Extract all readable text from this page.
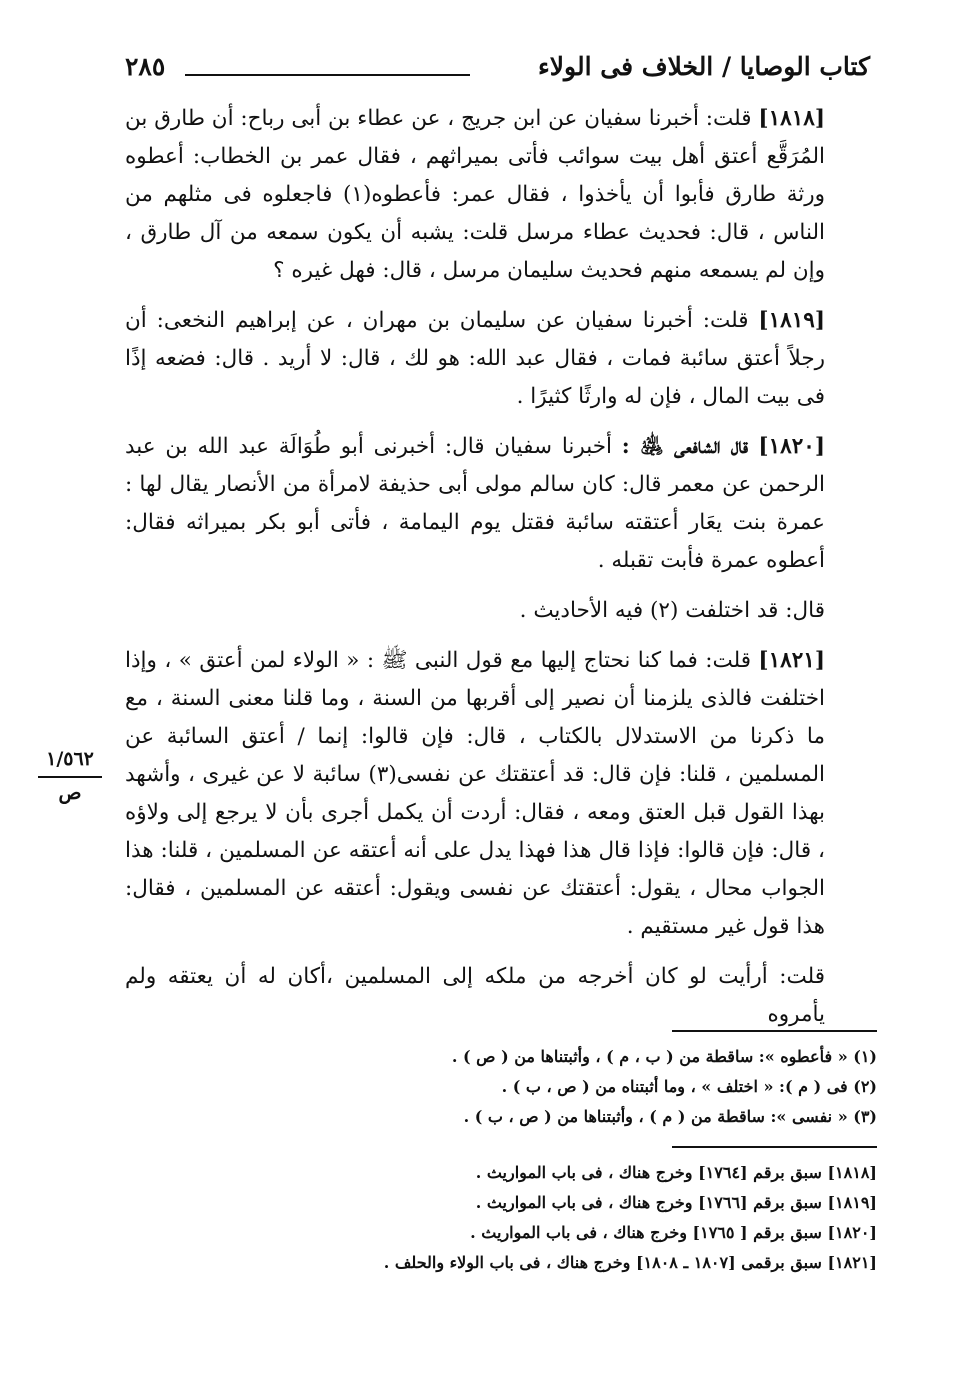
كتاب الوصايا / الخلاف فى الولاء
٢٨٥

[١٨١٨] قلت: أخبرنا سفيان عن ابن جريج ، عن عطاء بن أبى رباح: أن طارق بن المُرَقَّع أعتق أهل بيت سوائب فأتى بميراثهم ، فقال عمر بن الخطاب: أعطوه ورثة طارق فأبوا أن يأخذوا ، فقال عمر: فأعطوه(١) فاجعلوه فى مثلهم من الناس ، قال: فحديث عطاء مرسل قلت: يشبه أن يكون سمعه من آل طارق ، وإن لم يسمعه منهم فحديث سليمان مرسل ، قال: فهل غيره ؟

[١٨١٩] قلت: أخبرنا سفيان عن سليمان بن مهران ، عن إبراهيم النخعى: أن رجلاً أعتق سائبة فمات ، فقال عبد الله: هو لك ، قال: لا أريد . قال: فضعه إذًا فى بيت المال ، فإن له وارثًا كثيرًا .

[١٨٢٠] قال الشافعى ﵁ : أخبرنا سفيان قال: أخبرنى أبو طُوَالَة عبد الله بن عبد الرحمن عن معمر قال: كان سالم مولى أبى حذيفة لامرأة من الأنصار يقال لها : عمرة بنت يعَار أعتقته سائبة فقتل يوم اليمامة ، فأتى أبو بكر بميراثه فقال: أعطوه عمرة فأبت تقبله .

قال: قد اختلفت (٢) فيه الأحاديث .

[١٨٢١] قلت: فما كنا نحتاج إليها مع قول النبى ﷺ : « الولاء لمن أعتق » ، وإذا اختلفت فالذى يلزمنا أن نصير إلى أقربها من السنة ، وما قلنا معنى السنة ، مع ما ذكرنا من الاستدلال بالكتاب ، قال: فإن قالوا: إنما / أعتق السائبة عن المسلمين ، قلنا: فإن قال: قد أعتقتك عن نفسى(٣) سائبة لا عن غيرى ، وأشهد بهذا القول قبل العتق ومعه ، فقال: أردت أن يكمل أجرى بأن لا يرجع إلى ولاؤه ، قال: فإن قالوا: فإذا قال هذا فهذا يدل على أنه أعتقه عن المسلمين ، قلنا: هذا الجواب محال ، يقول: أعتقتك عن نفسى ويقول: أعتقه عن المسلمين ، فقال: هذا قول غير مستقيم .

قلت: أرأيت لو كان أخرجه من ملكه إلى المسلمين ،أكان له أن يعتقه ولم يأمروه

١/٥٦٢
ص
(١) « فأعطوه »: ساقطة من ( ب ، م ) ، وأثبتناها من ( ص ) .
(٢) فى ( م ): « اختلف » ، وما أثبتناه من ( ص ، ب ) .
(٣) « نفسى »: ساقطة من ( م ) ، وأثبتناها من ( ص ، ب ) .
[١٨١٨] سبق برقم [١٧٦٤] وخرج هناك ، فى باب المواريث .
[١٨١٩] سبق برقم [١٧٦٦] وخرج هناك ، فى باب المواريث .
[١٨٢٠] سبق برقم [ ١٧٦٥] وخرج هناك ، فى باب المواريث .
[١٨٢١] سبق برقمى [١٨٠٧ ـ ١٨٠٨] وخرج هناك ، فى باب الولاء والحلف .
